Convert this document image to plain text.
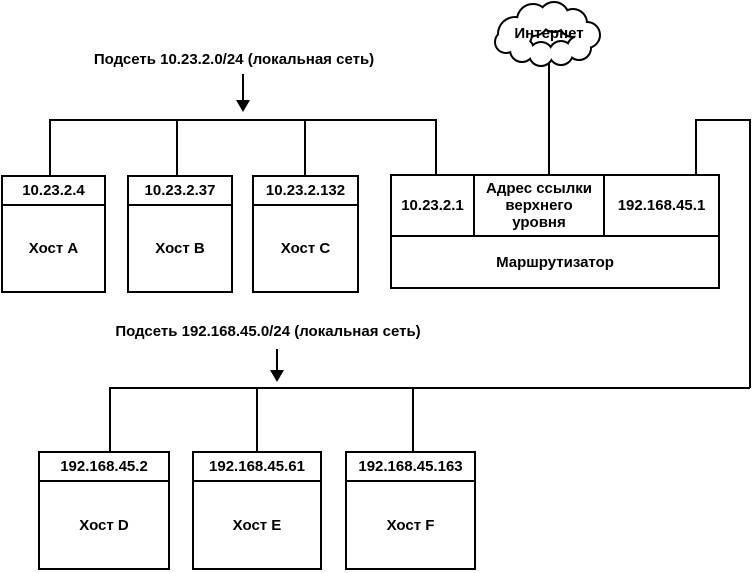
Интернет
Подсеть 10.23.2.0/24 (локальная сеть)
Подсеть 192.168.45.0/24 (локальная сеть)
10.23.2.4
Хост A
10.23.2.37
Хост B
10.23.2.132
Хост C
10.23.2.1
Адрес ссылки верхнего уровня
192.168.45.1
Маршрутизатор
192.168.45.2
Хост D
192.168.45.61
Хост E
192.168.45.163
Хост F
